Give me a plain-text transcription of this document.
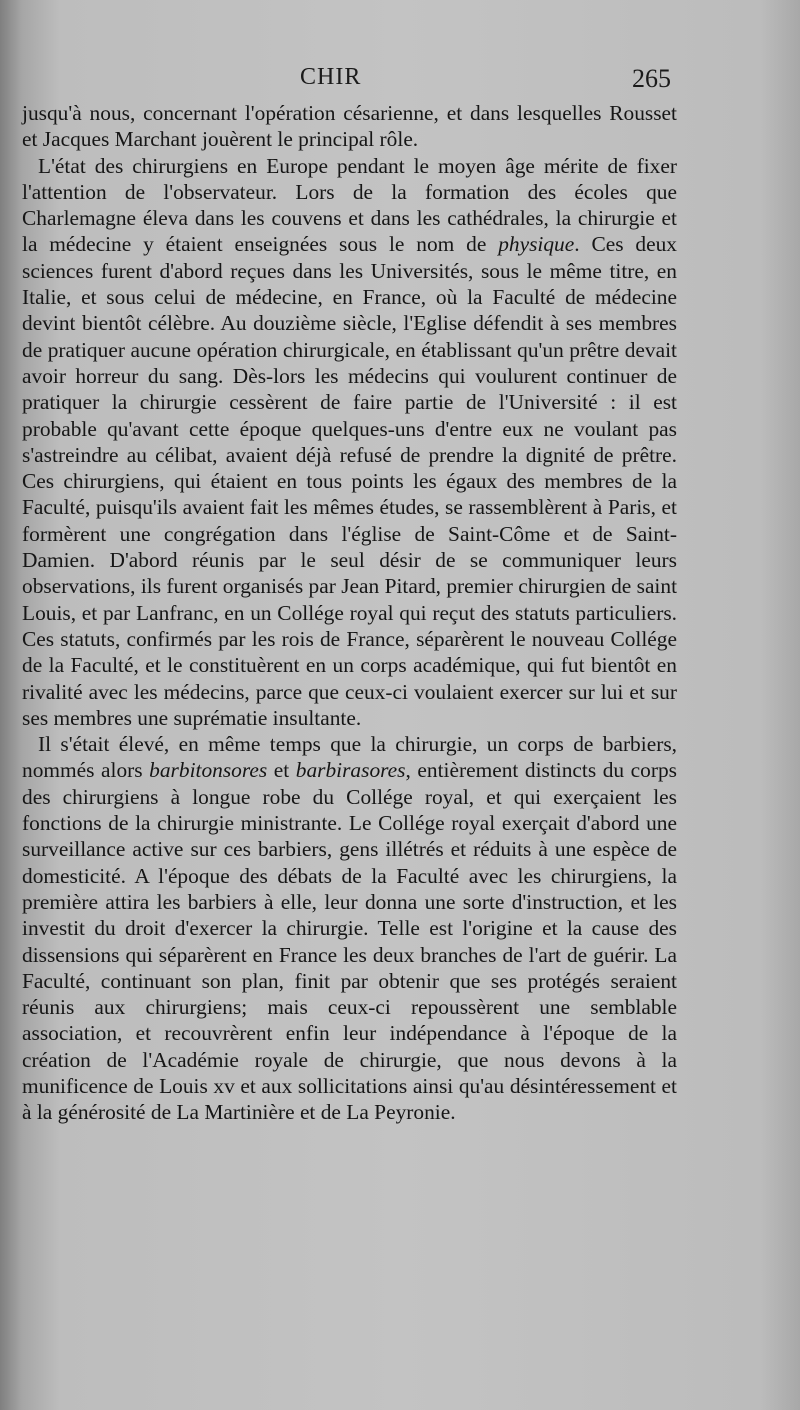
CHIR	265

jusqu'à nous, concernant l'opération césarienne, et dans lesquelles Rousset et Jacques Marchant jouèrent le principal rôle.

L'état des chirurgiens en Europe pendant le moyen âge mérite de fixer l'attention de l'observateur. Lors de la formation des écoles que Charlemagne éleva dans les couvens et dans les cathédrales, la chirurgie et la médecine y étaient enseignées sous le nom de physique. Ces deux sciences furent d'abord reçues dans les Universités, sous le même titre, en Italie, et sous celui de médecine, en France, où la Faculté de médecine devint bientôt célèbre. Au douzième siècle, l'Eglise défendit à ses membres de pratiquer aucune opération chirurgicale, en établissant qu'un prêtre devait avoir horreur du sang. Dès-lors les médecins qui voulurent continuer de pratiquer la chirurgie cessèrent de faire partie de l'Université : il est probable qu'avant cette époque quelques-uns d'entre eux ne voulant pas s'astreindre au célibat, avaient déjà refusé de prendre la dignité de prêtre. Ces chirurgiens, qui étaient en tous points les égaux des membres de la Faculté, puisqu'ils avaient fait les mêmes études, se rassemblèrent à Paris, et formèrent une congrégation dans l'église de Saint-Côme et de Saint-Damien. D'abord réunis par le seul désir de se communiquer leurs observations, ils furent organisés par Jean Pitard, premier chirurgien de saint Louis, et par Lanfranc, en un Collége royal qui reçut des statuts particuliers. Ces statuts, confirmés par les rois de France, séparèrent le nouveau Collége de la Faculté, et le constituèrent en un corps académique, qui fut bientôt en rivalité avec les médecins, parce que ceux-ci voulaient exercer sur lui et sur ses membres une suprématie insultante.

Il s'était élevé, en même temps que la chirurgie, un corps de barbiers, nommés alors barbitonsores et barbirasores, entièrement distincts du corps des chirurgiens à longue robe du Collége royal, et qui exerçaient les fonctions de la chirurgie ministrante. Le Collége royal exerçait d'abord une surveillance active sur ces barbiers, gens illétrés et réduits à une espèce de domesticité. A l'époque des débats de la Faculté avec les chirurgiens, la première attira les barbiers à elle, leur donna une sorte d'instruction, et les investit du droit d'exercer la chirurgie. Telle est l'origine et la cause des dissensions qui séparèrent en France les deux branches de l'art de guérir. La Faculté, continuant son plan, finit par obtenir que ses protégés seraient réunis aux chirurgiens; mais ceux-ci repoussèrent une semblable association, et recouvrèrent enfin leur indépendance à l'époque de la création de l'Académie royale de chirurgie, que nous devons à la munificence de Louis xv et aux sollicitations ainsi qu'au désintéressement et à la générosité de La Martinière et de La Peyronie.
